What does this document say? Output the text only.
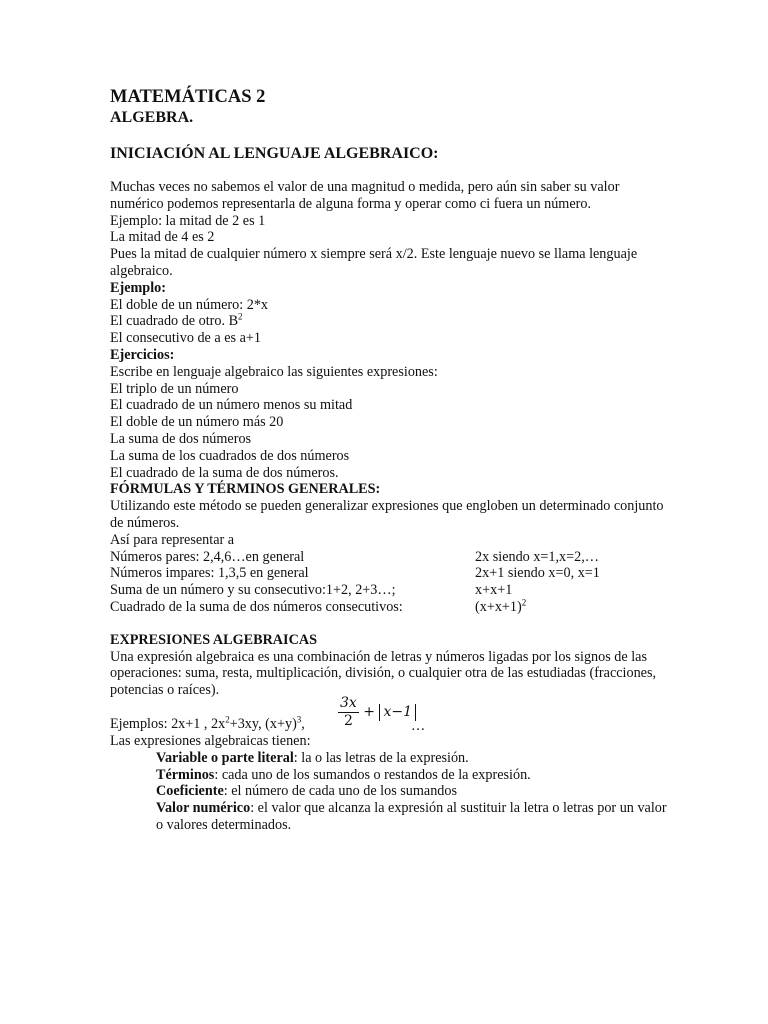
MATEMÁTICAS 2
ALGEBRA.
INICIACIÓN AL LENGUAJE ALGEBRAICO:

Muchas veces no sabemos el valor de una magnitud o medida, pero aún sin saber su valor numérico podemos representarla de alguna forma y operar como ci fuera un número.

Ejemplo: la mitad de 2 es 1
La mitad de 4 es 2
Pues la mitad de cualquier número x siempre será x/2. Este lenguaje nuevo se llama lenguaje algebraico.
Ejemplo:
El doble de un número: 2*x
El cuadrado de otro. $B^2$
El consecutivo de a es a+1
Ejercicios:
Escribe en lenguaje algebraico las siguientes expresiones:
El triplo de un número
El cuadrado de un número menos su mitad
El doble de un número más 20
La suma de dos números
La suma de los cuadrados de dos números
El cuadrado de la suma de dos números.
FÓRMULAS Y TÉRMINOS GENERALES:
Utilizando este método se pueden generalizar expresiones que engloben un determinado conjunto de números.
Así para representar a
Números pares: 2,4,6…en general	2x siendo x=1,x=2,…
Números impares: 1,3,5 en general	2x+1 siendo x=0, x=1
Suma de un número y su consecutivo:1+2, 2+3…;	x+x+1
Cuadrado de la suma de dos números consecutivos:	$(x+x+1)^2$
EXPRESIONES ALGEBRAICAS
Una expresión algebraica es una combinación de letras y números ligadas por los signos de las operaciones: suma, resta, multiplicación, división, o cualquier otra de las estudiadas (fracciones, potencias o raíces).
Ejemplos: 2x+1 , $2x^2+3xy$, $(x+y)^3$, $\frac{3x}{2} + x-1$
…
Las expresiones algebraicas tienen:
Variable o parte literal: la o las letras de la expresión.
Términos: cada uno de los sumandos o restandos de la expresión.
Coeficiente: el número de cada uno de los sumandos
Valor numérico: el valor que alcanza la expresión al sustituir la letra o letras por un valor o valores determinados.
